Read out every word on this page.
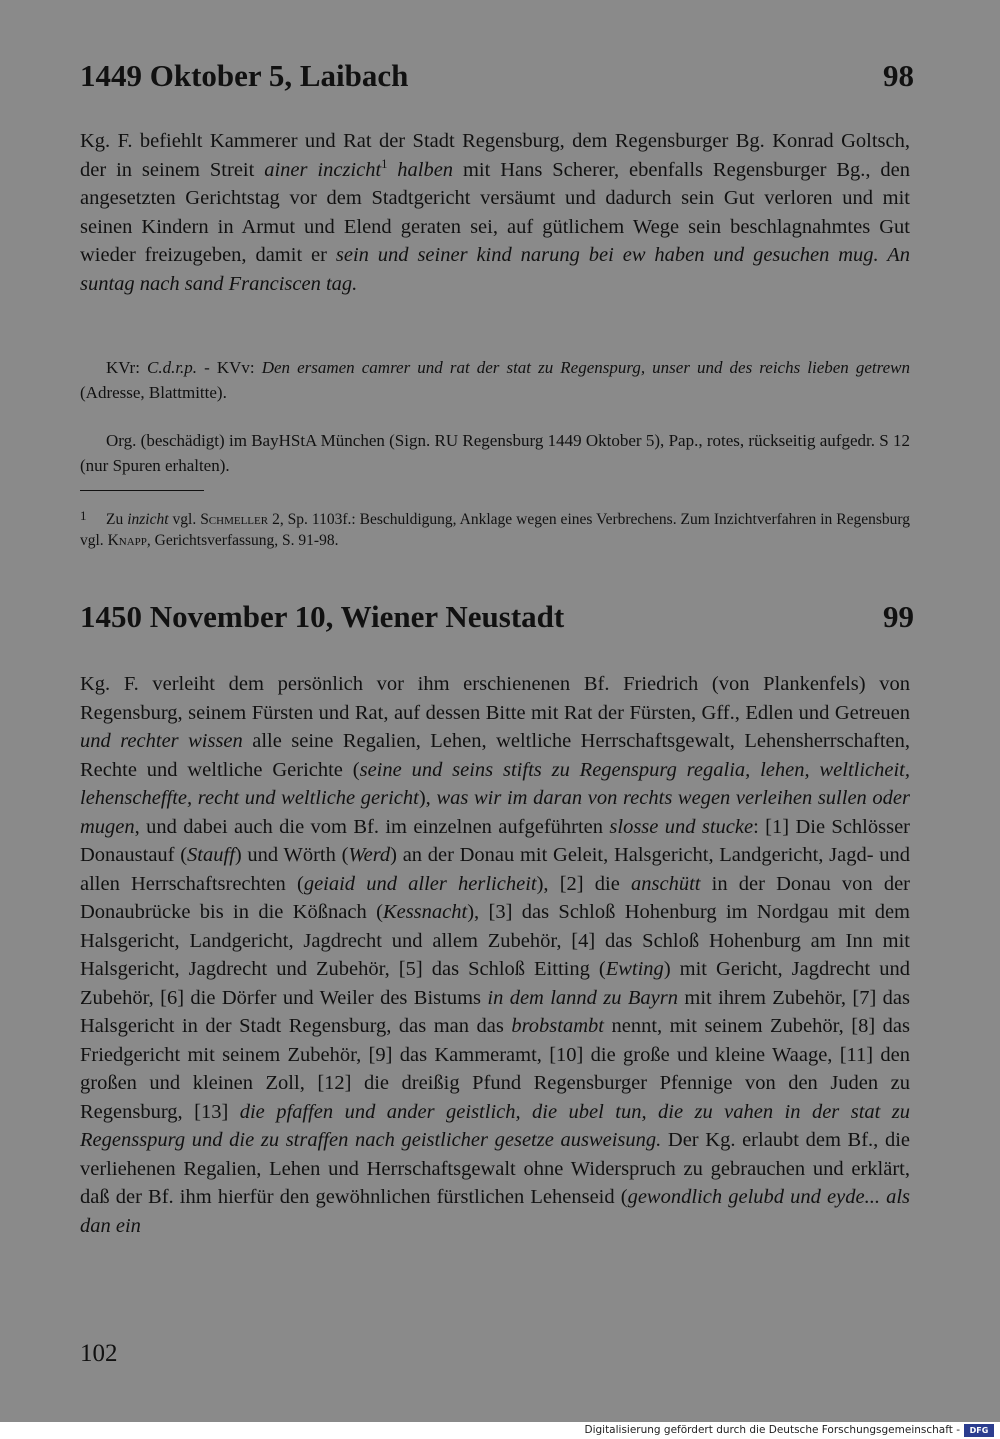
1449 Oktober 5, Laibach	98

Kg. F. befiehlt Kammerer und Rat der Stadt Regensburg, dem Regensburger Bg. Konrad Goltsch, der in seinem Streit ainer inczicht$^1$ halben mit Hans Scherer, ebenfalls Regensburger Bg., den angesetzten Gerichtstag vor dem Stadtgericht versäumt und dadurch sein Gut verloren und mit seinen Kindern in Armut und Elend geraten sei, auf gütlichem Wege sein beschlagnahmtes Gut wieder freizugeben, damit er sein und seiner kind narung bei ew haben und gesuchen mug. An suntag nach sand Franciscen tag.

KVr: C.d.r.p. - KVv: Den ersamen camrer und rat der stat zu Regenspurg, unser und des reichs lieben getrewn (Adresse, Blattmitte).

Org. (beschädigt) im BayHStA München (Sign. RU Regensburg 1449 Oktober 5), Pap., rotes, rückseitig aufgedr. S 12 (nur Spuren erhalten).

1	Zu inzicht vgl. Schmeller 2, Sp. 1103f.: Beschuldigung, Anklage wegen eines Verbrechens. Zum Inzichtverfahren in Regensburg vgl. Knapp, Gerichtsverfassung, S. 91-98.

1450 November 10, Wiener Neustadt	99

Kg. F. verleiht dem persönlich vor ihm erschienenen Bf. Friedrich (von Plankenfels) von Regensburg, seinem Fürsten und Rat, auf dessen Bitte mit Rat der Fürsten, Gff., Edlen und Getreuen und rechter wissen alle seine Regalien, Lehen, weltliche Herrschaftsgewalt, Lehensherrschaften, Rechte und weltliche Gerichte (seine und seins stifts zu Regenspurg regalia, lehen, weltlicheit, lehenscheffte, recht und weltliche gericht), was wir im daran von rechts wegen verleihen sullen oder mugen, und dabei auch die vom Bf. im einzelnen aufgeführten slosse und stucke: [1] Die Schlösser Donaustauf (Stauff) und Wörth (Werd) an der Donau mit Geleit, Halsgericht, Landgericht, Jagd- und allen Herrschaftsrechten (geiaid und aller herlicheit), [2] die anschütt in der Donau von der Donaubrücke bis in die Kößnach (Kessnacht), [3] das Schloß Hohenburg im Nordgau mit dem Halsgericht, Landgericht, Jagdrecht und allem Zubehör, [4] das Schloß Hohenburg am Inn mit Halsgericht, Jagdrecht und Zubehör, [5] das Schloß Eitting (Ewting) mit Gericht, Jagdrecht und Zubehör, [6] die Dörfer und Weiler des Bistums in dem lannd zu Bayrn mit ihrem Zubehör, [7] das Halsgericht in der Stadt Regensburg, das man das brobstambt nennt, mit seinem Zubehör, [8] das Friedgericht mit seinem Zubehör, [9] das Kammeramt, [10] die große und kleine Waage, [11] den großen und kleinen Zoll, [12] die dreißig Pfund Regensburger Pfennige von den Juden zu Regensburg, [13] die pfaffen und ander geistlich, die ubel tun, die zu vahen in der stat zu Regensspurg und die zu straffen nach geistlicher gesetze ausweisung. Der Kg. erlaubt dem Bf., die verliehenen Regalien, Lehen und Herrschaftsgewalt ohne Widerspruch zu gebrauchen und erklärt, daß der Bf. ihm hierfür den gewöhnlichen fürstlichen Lehenseid (gewondlich gelubd und eyde... als dan ein

102
Digitalisierung gefördert durch die Deutsche Forschungsgemeinschaft -	DFG
